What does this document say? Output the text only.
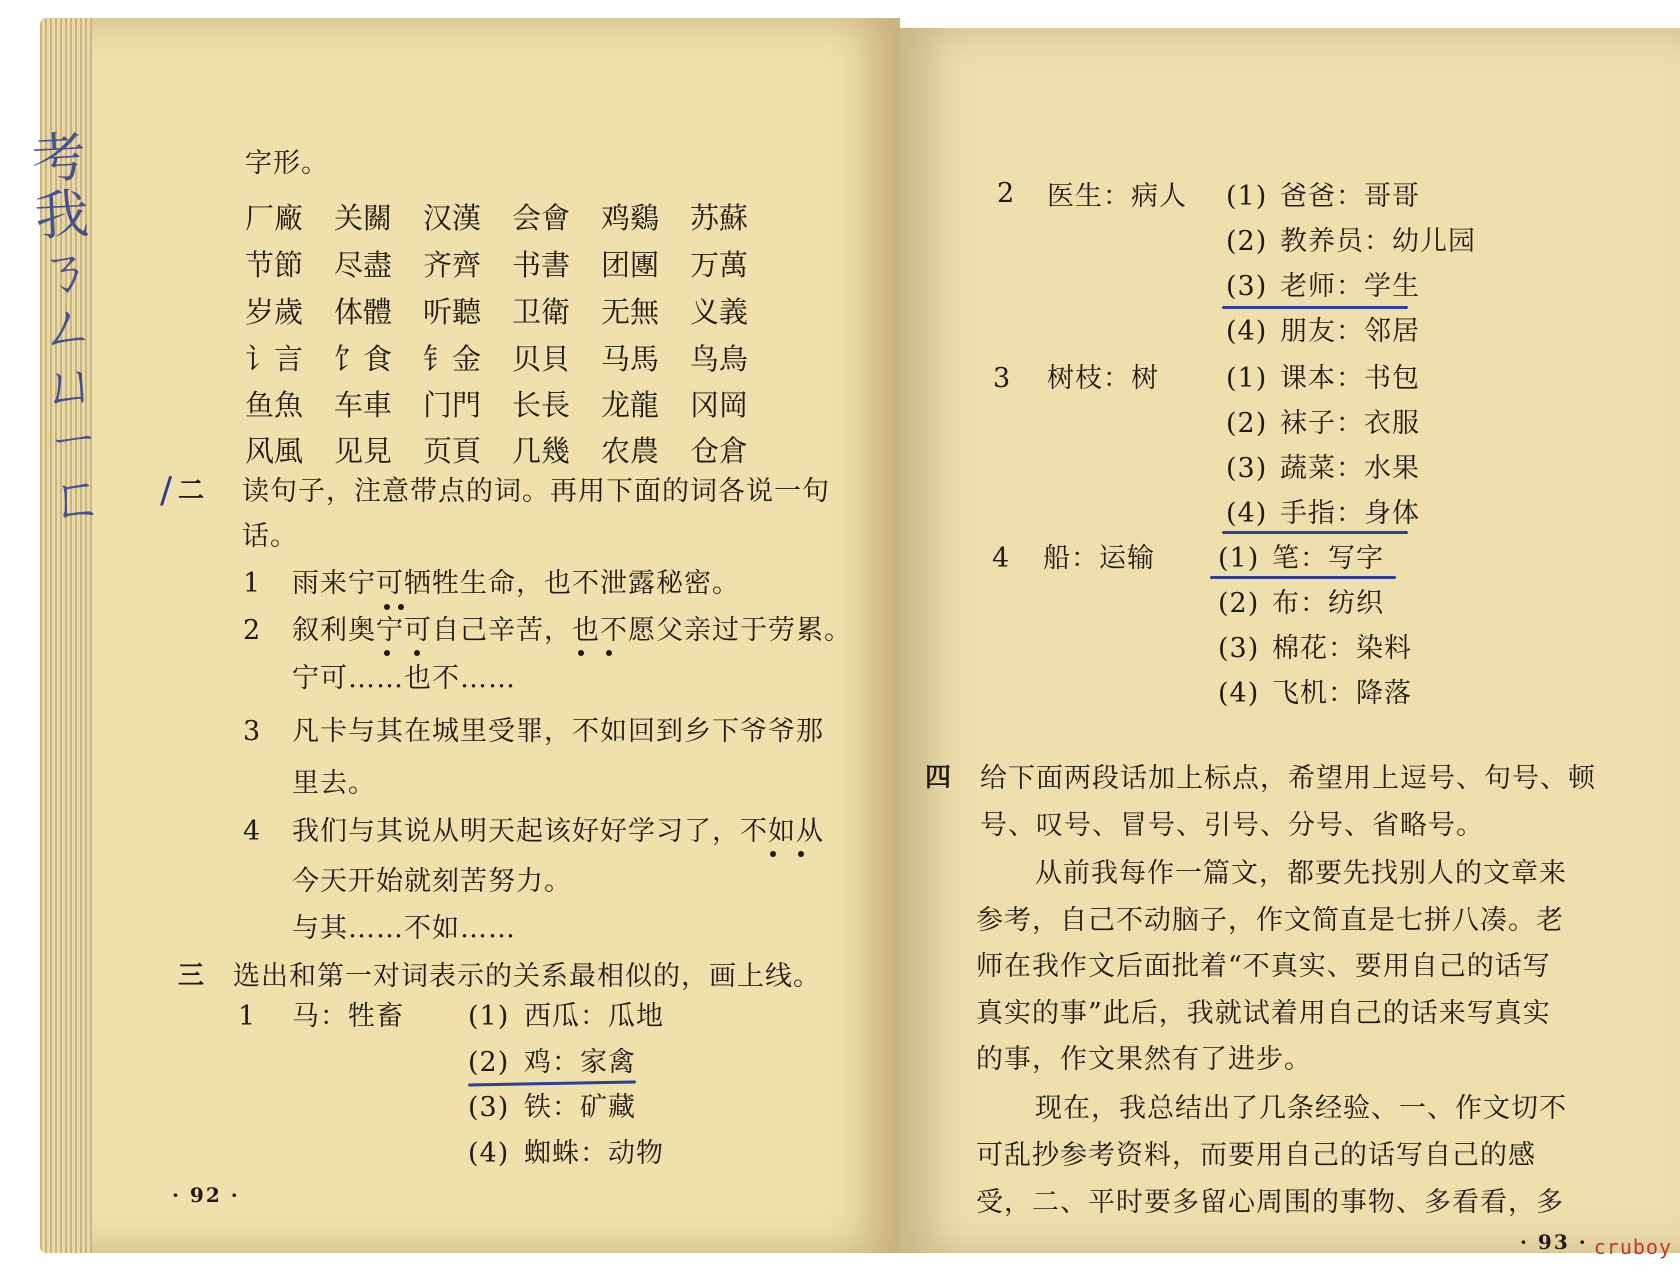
考
我
ㄋ
ㄥ
ㄩ
ㄧ
ㄈ
字形。
厂廠	关關	汉漢	会會	鸡鷄	苏蘇
节節	尽盡	齐齊	书書	团團	万萬
岁歲	体體	听聽	卫衛	无無	义義
讠言	饣食	钅金	贝貝	马馬	鸟鳥
鱼魚	车車	门門	长長	龙龍	冈岡
风風	见見	页頁	几幾	农農	仓倉
二
/	读句子，注意带点的词。再用下面的词各说一句
话。
1 雨来宁可牺牲生命，也不泄露秘密。
2 叙利奥宁可自己辛苦，也不愿父亲过于劳累。
宁可……也不……
3 凡卡与其在城里受罪，不如回到乡下爷爷那
里去。
4 我们与其说从明天起该好好学习了，不如从
今天开始就刻苦努力。
与其……不如……
三 选出和第一对词表示的关系最相似的，画上线。
1 马：牲畜 (1) 西瓜：瓜地
(2) 鸡：家禽
(3) 铁：矿藏
(4) 蜘蛛：动物
· 92 ·
2 医生：病人 (1) 爸爸：哥哥
(2) 教养员：幼儿园
(3) 老师：学生
(4) 朋友：邻居
3 树枝：树 (1) 课本：书包
(2) 袜子：衣服
(3) 蔬菜：水果
(4) 手指：身体
4 船：运输 (1) 笔：写字
(2) 布：纺织
(3) 棉花：染料
(4) 飞机：降落
四 给下面两段话加上标点，希望用上逗号、句号、顿
号、叹号、冒号、引号、分号、省略号。
从前我每作一篇文，都要先找别人的文章来
参考，自己不动脑子，作文简直是七拼八凑。老
师在我作文后面批着“不真实、要用自己的话写
真实的事”此后，我就试着用自己的话来写真实
的事，作文果然有了进步。
现在，我总结出了几条经验、一、作文切不
可乱抄参考资料，而要用自己的话写自己的感
受，二、平时要多留心周围的事物、多看看，多
· 93 · cruboy
